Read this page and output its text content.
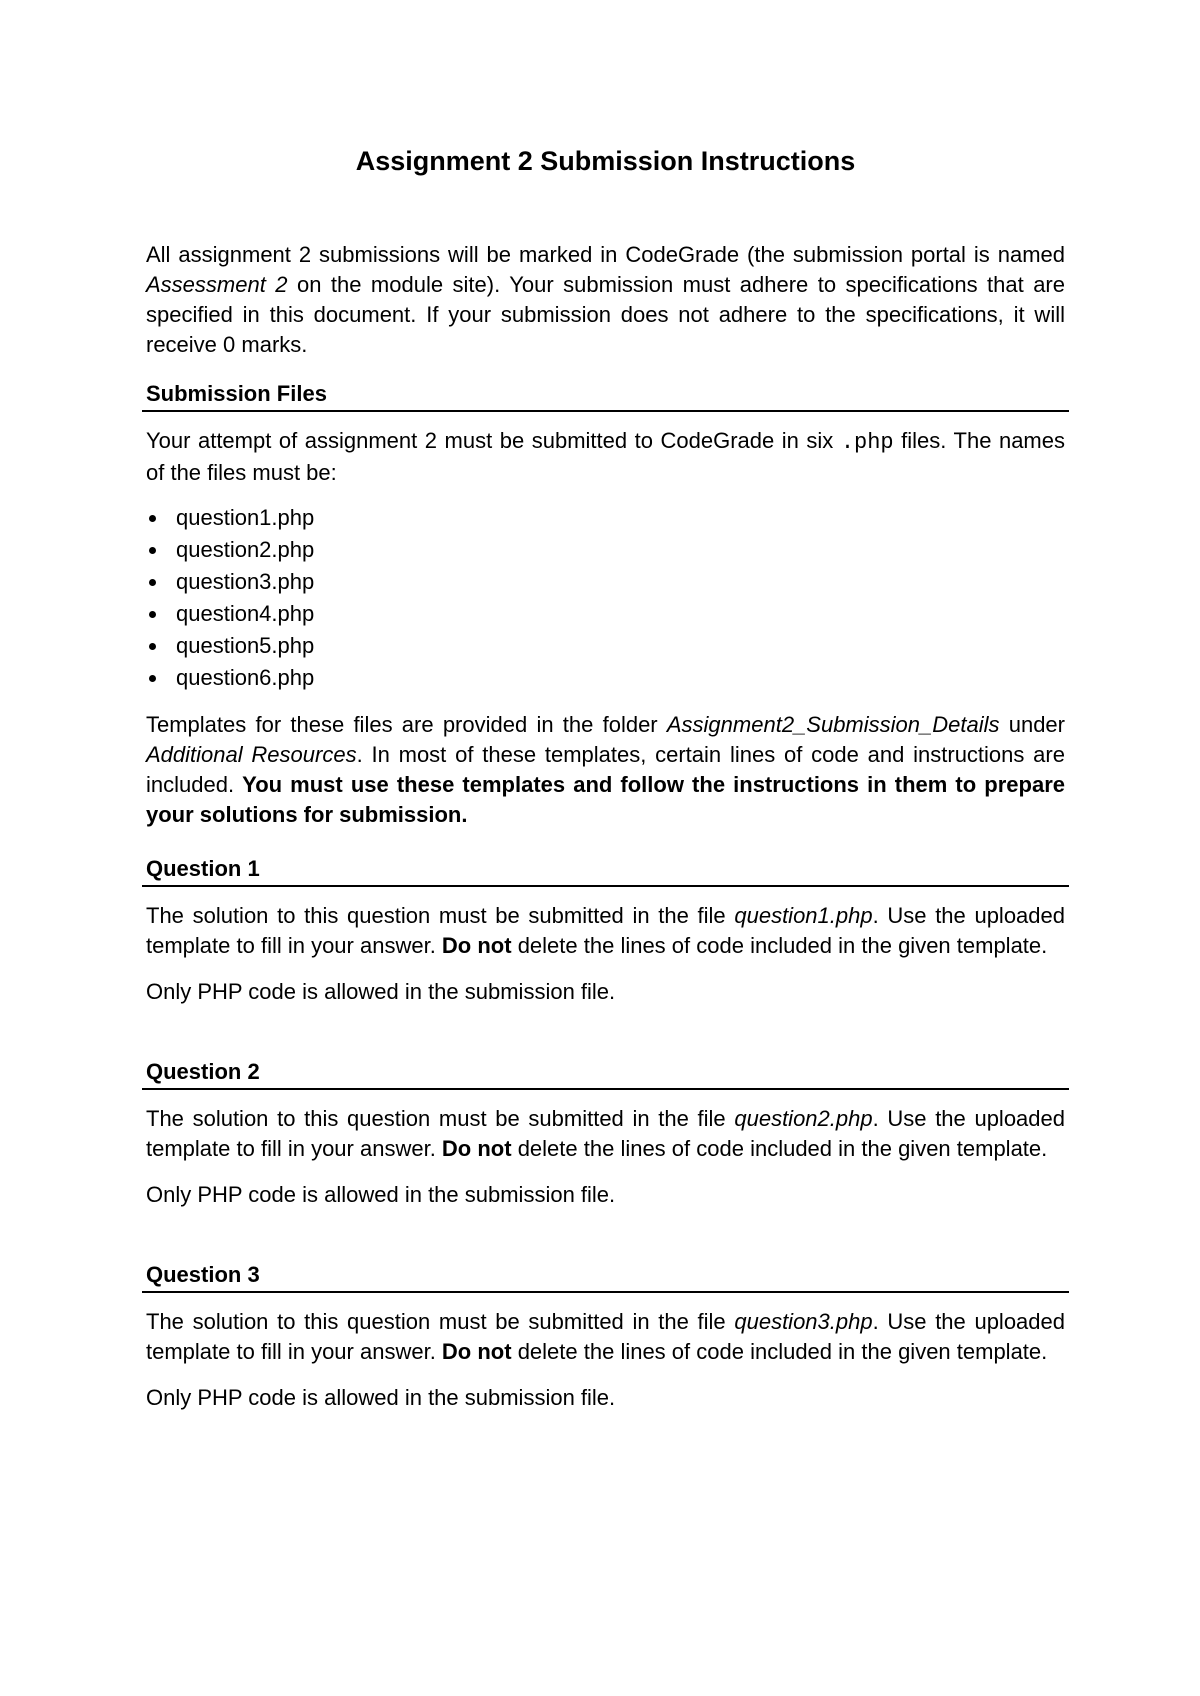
Assignment 2 Submission Instructions

All assignment 2 submissions will be marked in CodeGrade (the submission portal is named Assessment 2 on the module site). Your submission must adhere to specifications that are specified in this document. If your submission does not adhere to the specifications, it will receive 0 marks.

Submission Files

Your attempt of assignment 2 must be submitted to CodeGrade in six .php files. The names of the files must be:

question1.php
question2.php
question3.php
question4.php
question5.php
question6.php

Templates for these files are provided in the folder Assignment2_Submission_Details under Additional Resources. In most of these templates, certain lines of code and instructions are included. You must use these templates and follow the instructions in them to prepare your solutions for submission.

Question 1

The solution to this question must be submitted in the file question1.php. Use the uploaded template to fill in your answer. Do not delete the lines of code included in the given template.

Only PHP code is allowed in the submission file.

Question 2

The solution to this question must be submitted in the file question2.php. Use the uploaded template to fill in your answer. Do not delete the lines of code included in the given template.

Only PHP code is allowed in the submission file.

Question 3

The solution to this question must be submitted in the file question3.php. Use the uploaded template to fill in your answer. Do not delete the lines of code included in the given template.

Only PHP code is allowed in the submission file.
